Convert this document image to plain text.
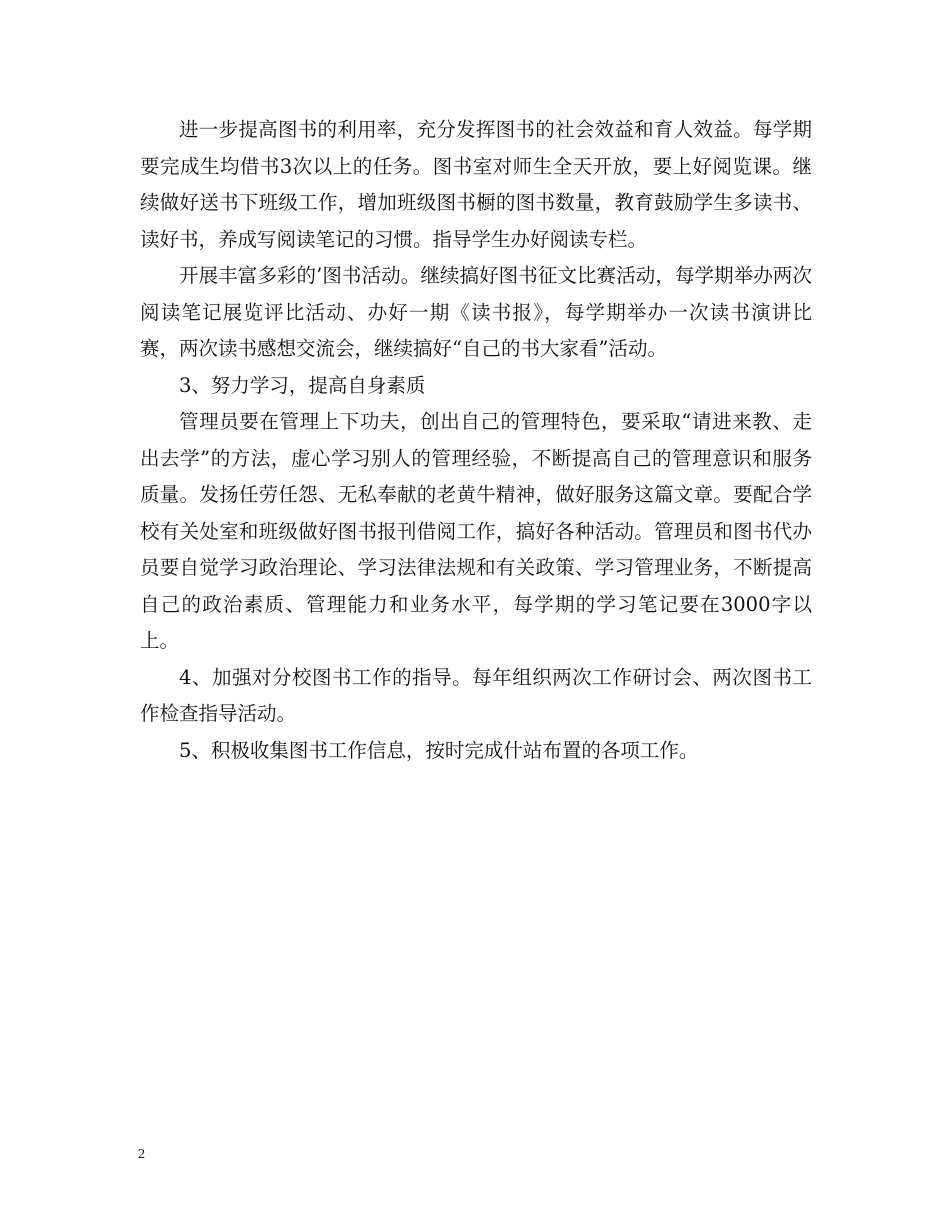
进一步提高图书的利用率，充分发挥图书的社会效益和育人效益。每学期要完成生均借书3次以上的任务。图书室对师生全天开放，要上好阅览课。继续做好送书下班级工作，增加班级图书橱的图书数量，教育鼓励学生多读书、读好书，养成写阅读笔记的习惯。指导学生办好阅读专栏。

开展丰富多彩的’图书活动。继续搞好图书征文比赛活动，每学期举办两次阅读笔记展览评比活动、办好一期《读书报》，每学期举办一次读书演讲比赛，两次读书感想交流会，继续搞好“自己的书大家看”活动。

3、努力学习，提高自身素质

管理员要在管理上下功夫，创出自己的管理特色，要采取“请进来教、走出去学”的方法，虚心学习别人的管理经验，不断提高自己的管理意识和服务质量。发扬任劳任怨、无私奉献的老黄牛精神，做好服务这篇文章。要配合学校有关处室和班级做好图书报刊借阅工作，搞好各种活动。管理员和图书代办员要自觉学习政治理论、学习法律法规和有关政策、学习管理业务，不断提高自己的政治素质、管理能力和业务水平，每学期的学习笔记要在3000字以上。

4、加强对分校图书工作的指导。每年组织两次工作研讨会、两次图书工作检查指导活动。

5、积极收集图书工作信息，按时完成什站布置的各项工作。

2
